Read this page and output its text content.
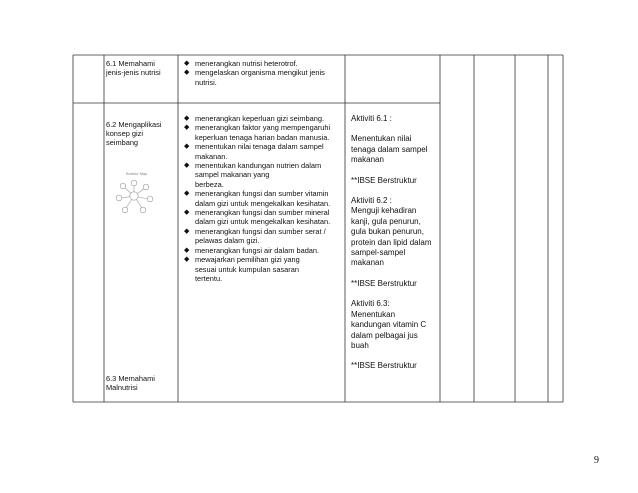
6.1 Memahami

jenis-jenis nutrisi

◆ menerangkan nutrisi heterotrof.
◆ mengelaskan organisma mengikut jenis
nutrisi.

6.2 Mengaplikasi

konsep gizi

seimbang

Bubble Map

6.3 Memahami

Malnutrisi

◆ menerangkan keperluan gizi seimbang.
◆ menerangkan faktor yang mempengaruhi
keperluan tenaga harian badan manusia.
◆ menentukan nilai tenaga dalam sampel
makanan.
◆ menentukan kandungan nutrien dalam
sampel makanan yang
berbeza.
◆ menerangkan fungsi dan sumber vitamin
dalam gizi untuk mengekalkan kesihatan.
◆ menerangkan fungsi dan sumber mineral
dalam gizi untuk mengekalkan kesihatan.
◆ menerangkan fungsi dan sumber serat /
pelawas dalam gizi.
◆ menerangkan fungsi air dalam badan.
◆ mewajarkan pemilihan gizi yang
sesuai untuk kumpulan sasaran
tertentu.

Aktiviti 6.1 :

Menentukan nilai

tenaga dalam sampel

makanan

**IBSE Berstruktur

Aktiviti 6.2 :

Menguji kehadiran

kanji, gula penurun,

gula bukan penurun,

protein dan lipid dalam

sampel-sampel

makanan

**IBSE Berstruktur

Aktiviti 6.3:

Menentukan

kandungan vitamin C

dalam pelbagai jus

buah

**IBSE Berstruktur

9
